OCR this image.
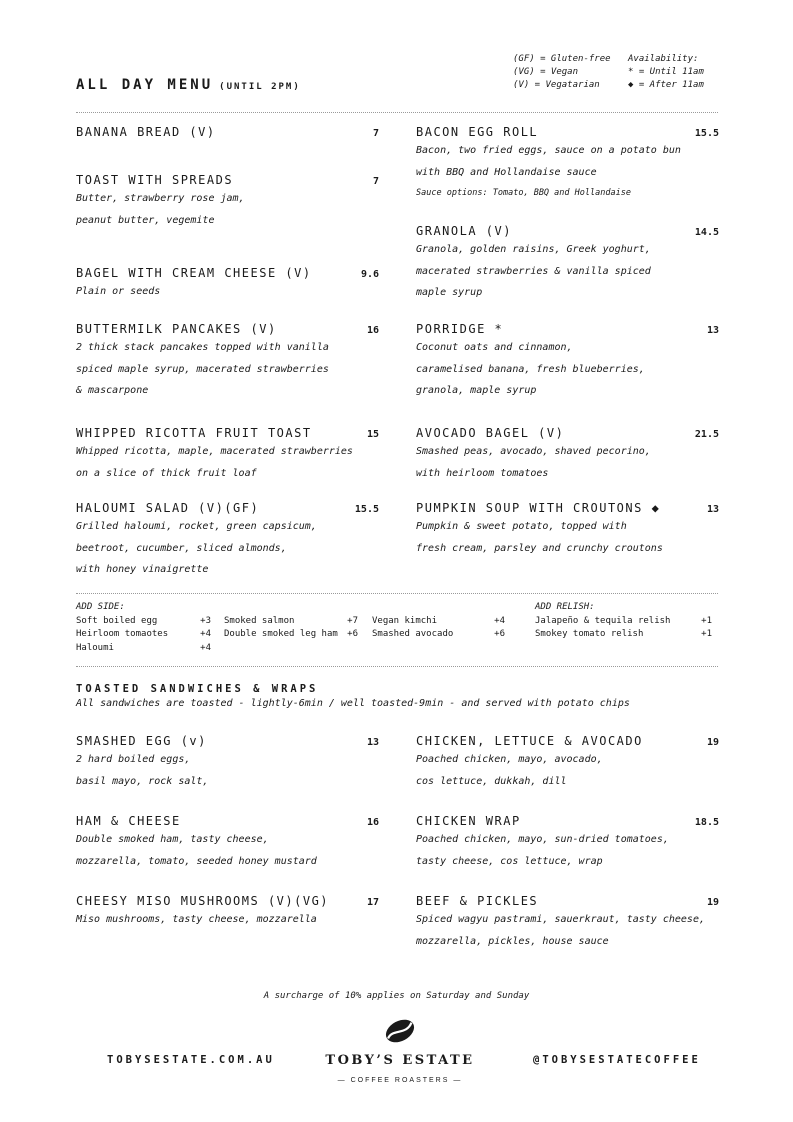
ALL DAY MENU (UNTIL 2PM)
(GF) = Gluten-free
(VG) = Vegan
(V) = Vegatarian
Availability:
* = Until 11am
◆ = After 11am
BANANA BREAD (V)	7
TOAST WITH SPREADS	7
Butter, strawberry rose jam,
peanut butter, vegemite
BAGEL WITH CREAM CHEESE (V)	9.6
Plain or seeds
BUTTERMILK PANCAKES (V)	16
2 thick stack pancakes topped with vanilla
spiced maple syrup, macerated strawberries
& mascarpone
WHIPPED RICOTTA FRUIT TOAST	15
Whipped ricotta, maple, macerated strawberries
on a slice of thick fruit loaf
HALOUMI SALAD (V)(GF)	15.5
Grilled haloumi, rocket, green capsicum,
beetroot, cucumber, sliced almonds,
with honey vinaigrette
BACON EGG ROLL	15.5
Bacon, two fried eggs, sauce on a potato bun
with BBQ and Hollandaise sauce
Sauce options: Tomato, BBQ and Hollandaise
GRANOLA (V)	14.5
Granola, golden raisins, Greek yoghurt,
macerated strawberries & vanilla spiced
maple syrup
PORRIDGE *	13
Coconut oats and cinnamon,
caramelised banana, fresh blueberries,
granola, maple syrup
AVOCADO BAGEL (V)	21.5
Smashed peas, avocado, shaved pecorino,
with heirloom tomatoes
PUMPKIN SOUP WITH CROUTONS ◆	13
Pumpkin & sweet potato, topped with
fresh cream, parsley and crunchy croutons
ADD SIDE:
Soft boiled egg	+3
Heirloom tomaotes	+4
Haloumi	+4
Smoked salmon	+7
Double smoked leg ham +6
Vegan kimchi	+4
Smashed avocado	+6
ADD RELISH:
Jalapeño & tequila relish	+1
Smokey tomato relish	+1
TOASTED SANDWICHES & WRAPS
All sandwiches are toasted - lightly-6min / well toasted-9min - and served with potato chips
SMASHED EGG (v)	13
2 hard boiled eggs,
basil mayo, rock salt,
HAM & CHEESE	16
Double smoked ham, tasty cheese,
mozzarella, tomato, seeded honey mustard
CHEESY MISO MUSHROOMS (V)(VG)	17
Miso mushrooms, tasty cheese, mozzarella
CHICKEN, LETTUCE & AVOCADO	19
Poached chicken, mayo, avocado,
cos lettuce, dukkah, dill
CHICKEN WRAP	18.5
Poached chicken, mayo, sun-dried tomatoes,
tasty cheese, cos lettuce, wrap
BEEF & PICKLES	19
Spiced wagyu pastrami, sauerkraut, tasty cheese,
mozzarella, pickles, house sauce
A surcharge of 10% applies on Saturday and Sunday
TOBYSESTATE.COM.AU	TOBY’S ESTATE
— COFFEE ROASTERS —
@TOBYSESTATECOFFEE
